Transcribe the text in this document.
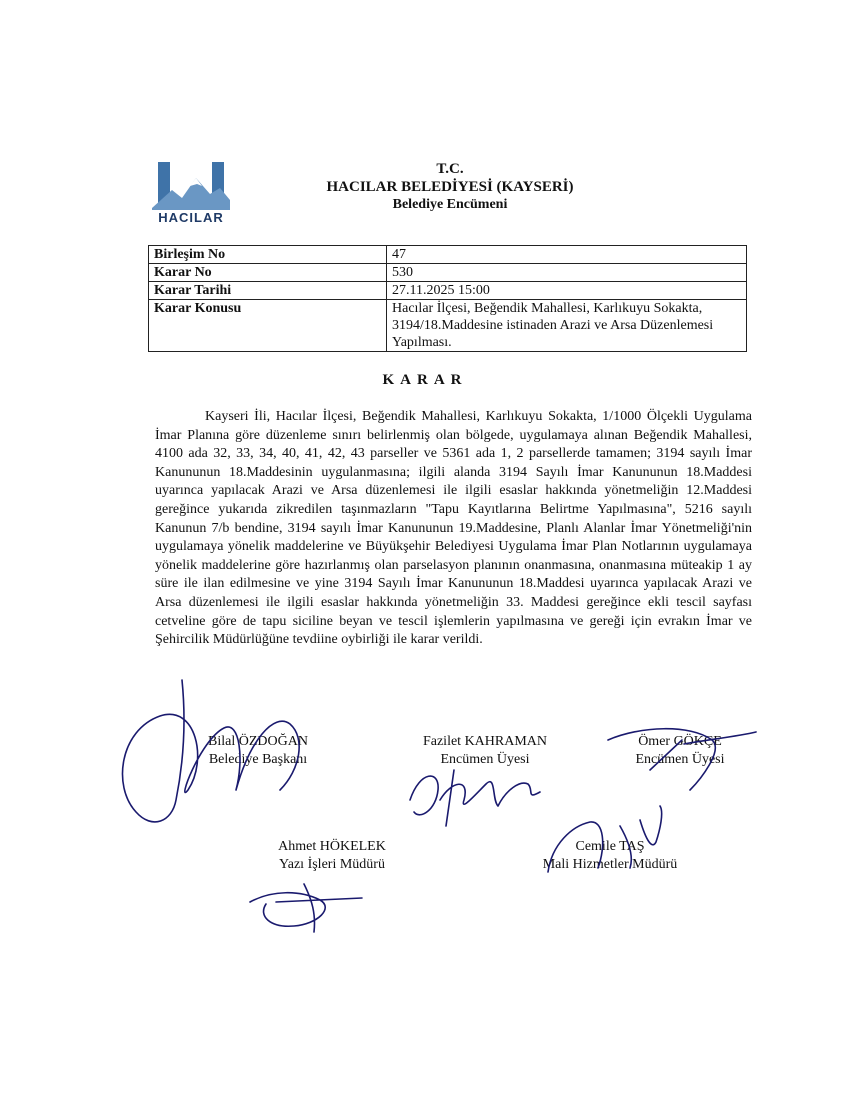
HACILAR
T.C.
HACILAR BELEDİYESİ (KAYSERİ)
Belediye Encümeni
Birleşim No	47
Karar No	530
Karar Tarihi	27.11.2025 15:00
Karar Konusu	Hacılar İlçesi, Beğendik Mahallesi, Karlıkuyu Sokakta, 3194/18.Maddesine istinaden Arazi ve Arsa Düzenlemesi Yapılması.
KARAR
Kayseri İli, Hacılar İlçesi, Beğendik Mahallesi, Karlıkuyu Sokakta, 1/1000 Ölçekli Uygulama İmar Planına göre düzenleme sınırı belirlenmiş olan bölgede, uygulamaya alınan Beğendik Mahallesi, 4100 ada 32, 33, 34, 40, 41, 42, 43 parseller ve 5361 ada 1, 2 parsellerde tamamen; 3194 sayılı İmar Kanununun 18.Maddesinin uygulanmasına; ilgili alanda 3194 Sayılı İmar Kanununun 18.Maddesi uyarınca yapılacak Arazi ve Arsa düzenlemesi ile ilgili esaslar hakkında yönetmeliğin 12.Maddesi gereğince yukarıda zikredilen taşınmazların "Tapu Kayıtlarına Belirtme Yapılmasına", 5216 sayılı Kanunun 7/b bendine, 3194 sayılı İmar Kanununun 19.Maddesine, Planlı Alanlar İmar Yönetmeliği'nin uygulamaya yönelik maddelerine ve Büyükşehir Belediyesi Uygulama İmar Plan Notlarının uygulamaya yönelik maddelerine göre hazırlanmış olan parselasyon planının onanmasına, onanmasına müteakip 1 ay süre ile ilan edilmesine ve yine 3194 Sayılı İmar Kanununun 18.Maddesi uyarınca yapılacak Arazi ve Arsa düzenlemesi ile ilgili esaslar hakkında yönetmeliğin 33. Maddesi gereğince ekli tescil sayfası cetveline göre de tapu siciline beyan ve tescil işlemlerin yapılmasına ve gereği için evrakın İmar ve Şehircilik Müdürlüğüne tevdiine oybirliği ile karar verildi.
Bilal ÖZDOĞAN
Belediye Başkanı
Fazilet KAHRAMAN
Encümen Üyesi
Ömer GÖKÇE
Encümen Üyesi
Ahmet HÖKELEK
Yazı İşleri Müdürü
Cemile TAŞ
Mali Hizmetler Müdürü
